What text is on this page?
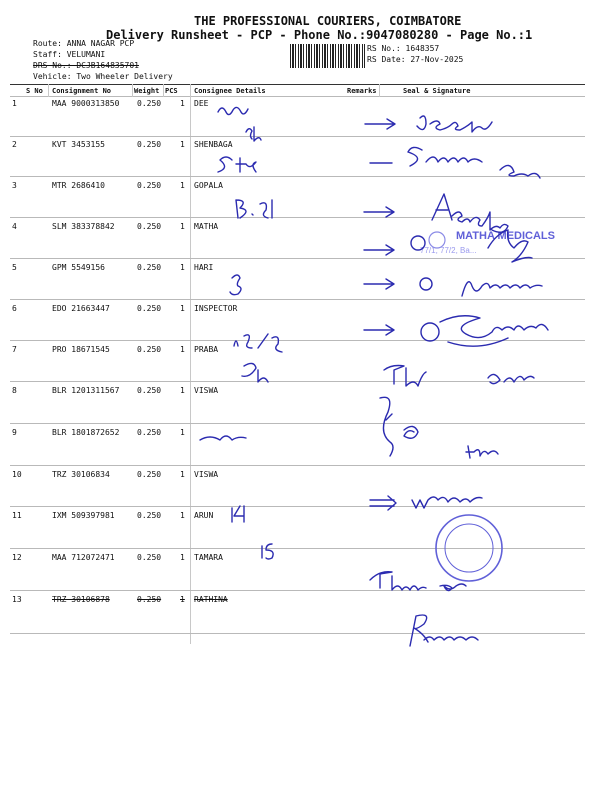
THE PROFESSIONAL COURIERS, COIMBATORE
Delivery Runsheet - PCP - Phone No.:9047080280 - Page No.:1
Route: ANNA NAGAR PCP
Staff: VELUMANI
DRS No.: DCJB164835701
Vehicle: Two Wheeler Delivery
RS No.: 1648357
RS Date: 27-Nov-2025
S No Consignment No	Weight PCS Consignee Details	Remarks	Seal & Signature
1	MAA 9000313850 0.250 1 DEE
2	KVT 3453155	0.250 1 SHENBAGA
3	MTR 2686410	0.250 1 GOPALA
4	SLM 383378842	0.250 1 MATHA
5	GPM 5549156	0.250 1 HARI
6	EDO 21663447	0.250 1 INSPECTOR
7	PRO 18671545	0.250 1 PRABA
8	BLR 1201311567 0.250 1 VISWA
9	BLR 1801872652 0.250 1
10	TRZ 30106834	0.250 1 VISWA
11	IXM 509397981	0.250 1 ARUN
12	MAA 712072471	0.250 1 TAMARA
13	TRZ 30106878	0.250 1 RATHINA
MATHA MEDICALS
77/1, 77/2, Ba...
